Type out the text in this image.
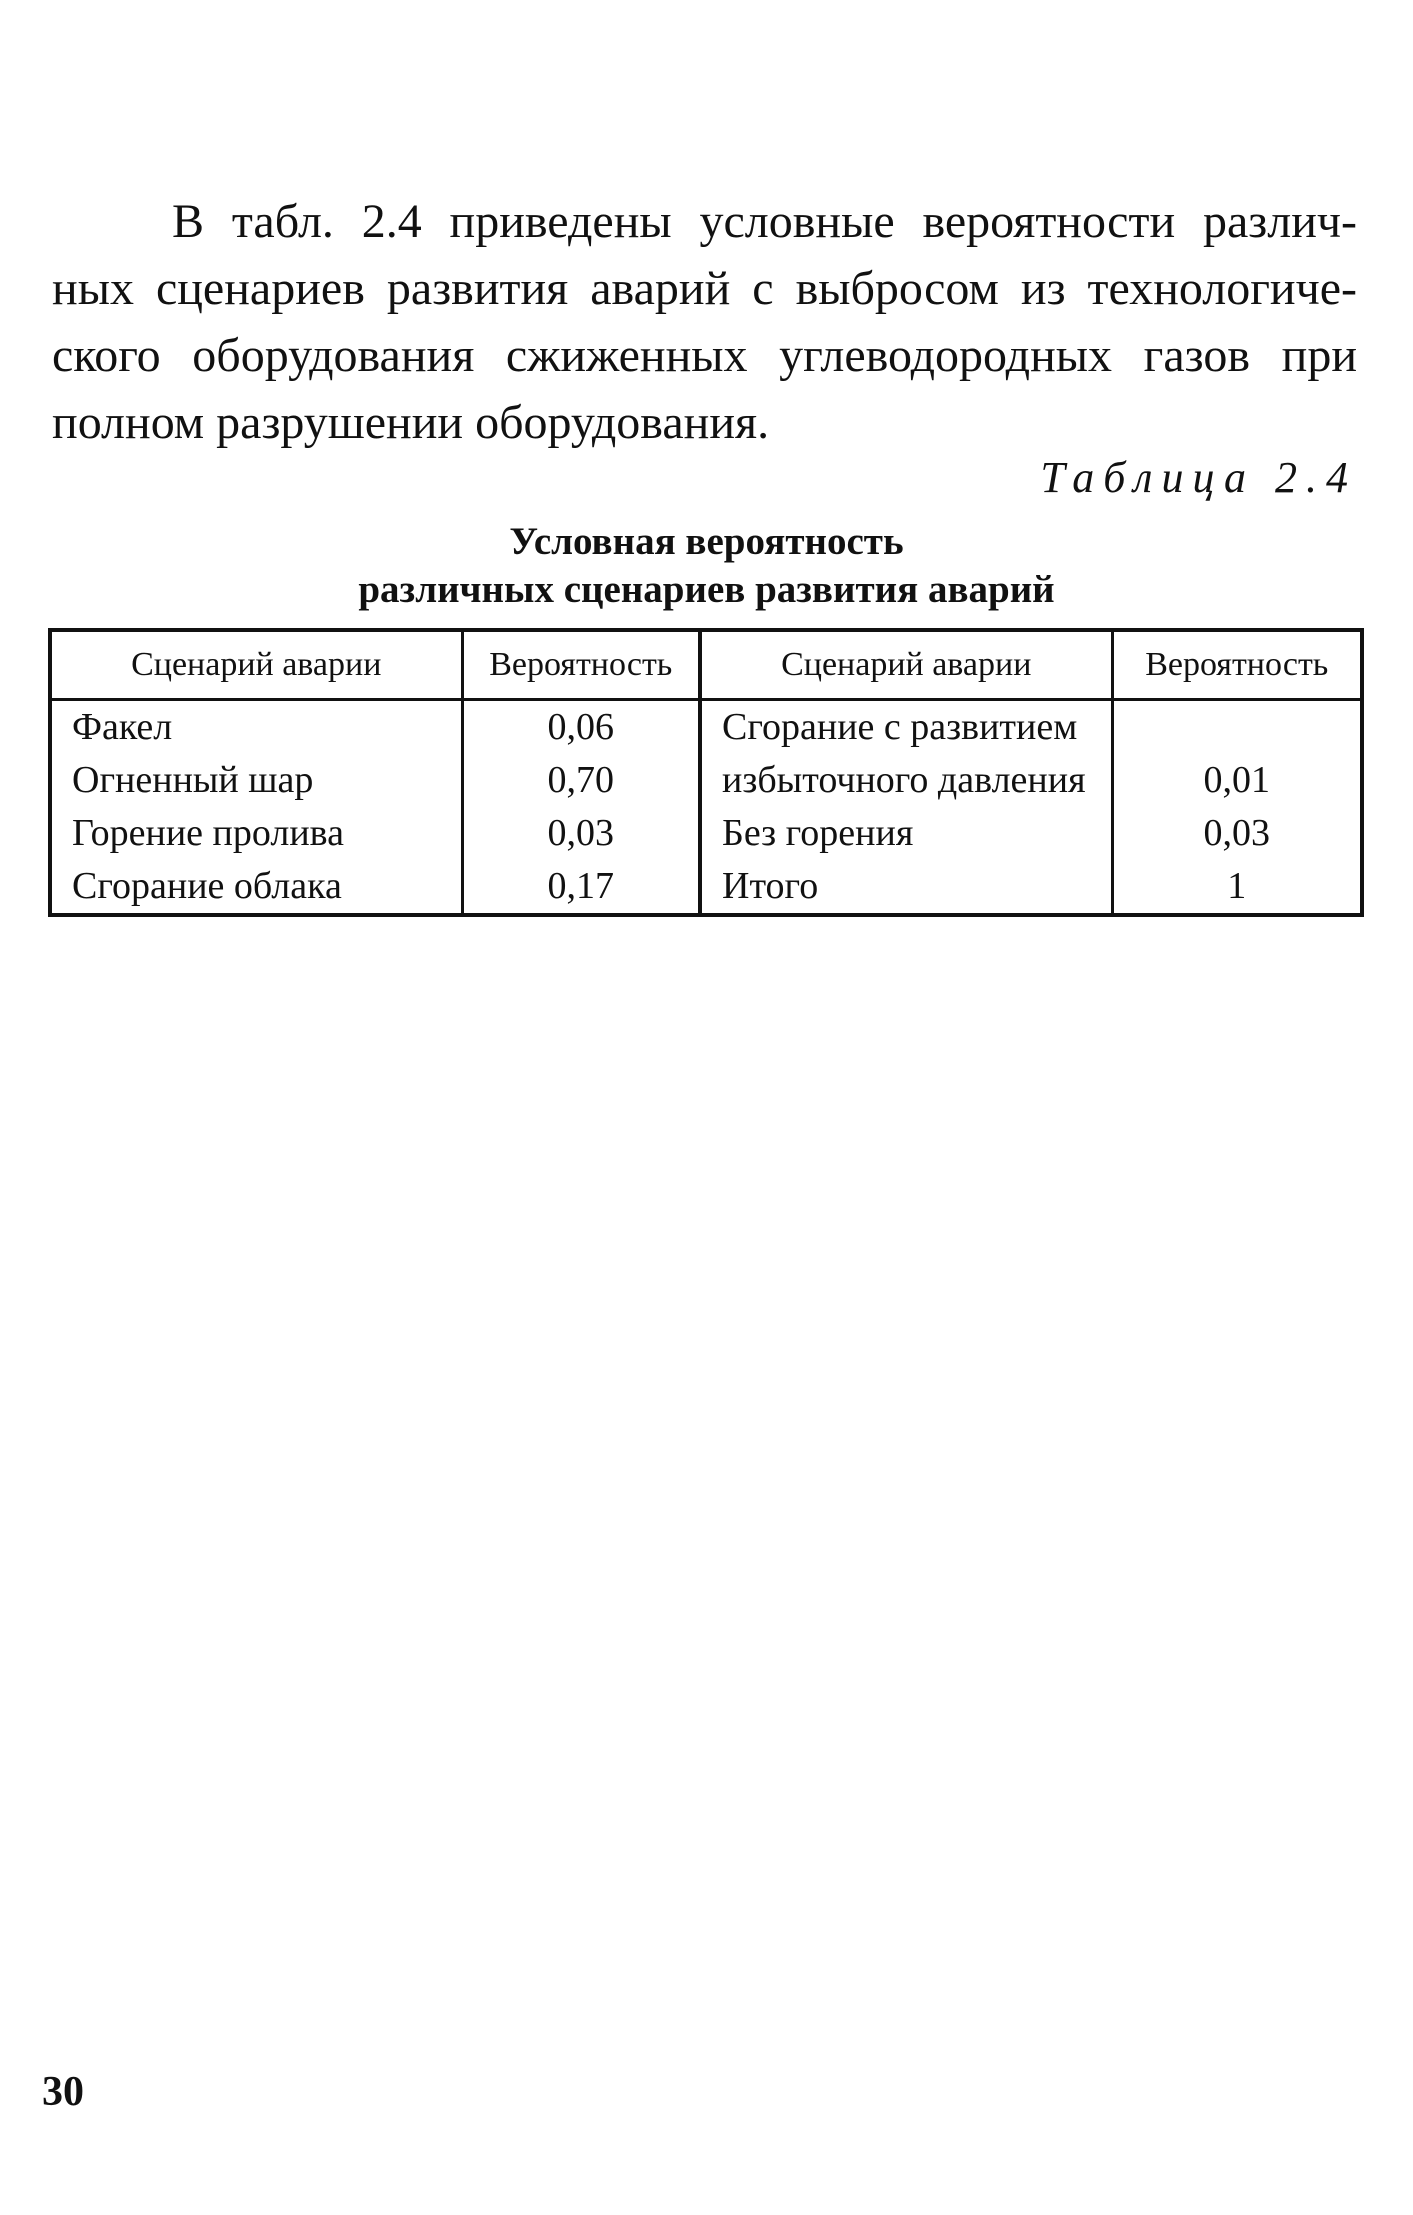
В табл. 2.4 приведены условные вероятности различ-
ных сценариев развития аварий с выбросом из технологиче-
ского оборудования сжиженных углеводородных газов при
полном разрушении оборудования.

Таблица 2.4

Условная вероятность
различных сценариев развития аварий
Сценарий аварии	Вероятность	Сценарий аварии	Вероятность
Факел	0,06	Сгорание с развитием	
Огненный шар	0,70	избыточного давления	0,01
Горение пролива	0,03	Без горения	0,03
Сгорание облака	0,17	Итого	1

30
